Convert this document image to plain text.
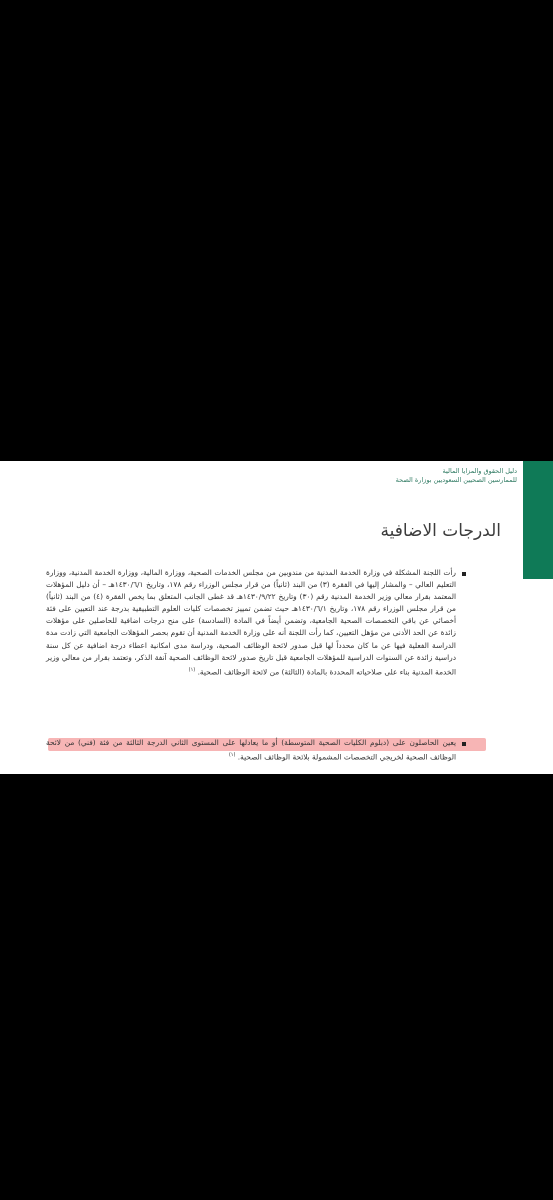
دليل الحقوق والمزايا المالية
للممارسين الصحيين السعوديين بوزارة الصحة
الدرجات الاضافية
رأت اللجنة المشكلة في وزارة الخدمة المدنية من مندوبين من مجلس الخدمات الصحية، ووزارة المالية، ووزارة الخدمة المدنية، ووزارة التعليم العالي – والمشار إليها في الفقرة (٣) من البند (ثانياً) من قرار مجلس الوزراء رقم ١٧٨، وتاريخ ١٤٣٠/٦/١هـ – أن دليل المؤهلات المعتمد بقرار معالي وزير الخدمة المدنية رقم (٣٠) وتاريخ ١٤٣٠/٩/٢٢هـ قد غطى الجانب المتعلق بما يخص الفقرة (٤) من البند (ثانياً) من قرار مجلس الوزراء رقم ١٧٨، وتاريخ ١٤٣٠/٦/١هـ حيث تضمن تمييز تخصصات كليات العلوم التطبيقية بدرجة عند التعيين على فئة أخصائي عن باقي التخصصات الصحية الجامعية، وتضمن أيضاً في المادة (السادسة) على منح درجات اضافية للحاصلين على مؤهلات زائدة عن الحد الأدنى من مؤهل التعيين، كما رأت اللجنة أنه على وزارة الخدمة المدنية أن تقوم بحصر المؤهلات الجامعية التي زادت مدة الدراسة الفعلية فيها عن ما كان محدداً لها قبل صدور لائحة الوظائف الصحية، ودراسة مدى امكانية اعطاء درجة اضافية عن كل سنة دراسية زائدة عن السنوات الدراسية للمؤهلات الجامعية قبل تاريخ صدور لائحة الوظائف الصحية آنفة الذكر، وتعتمد بقرار من معالي وزير الخدمة المدنية بناء على صلاحياته المحددة بالمادة (الثالثة) من لائحة الوظائف الصحية. $^{(١)}$
يعين الحاصلون على (دبلوم الكليات الصحية المتوسطة) أو ما يعادلها على المستوى الثاني الدرجة الثالثة من فئة (فني) من لائحة الوظائف الصحية لخريجي التخصصات المشمولة بلائحة الوظائف الصحية. $^{(١)}$
